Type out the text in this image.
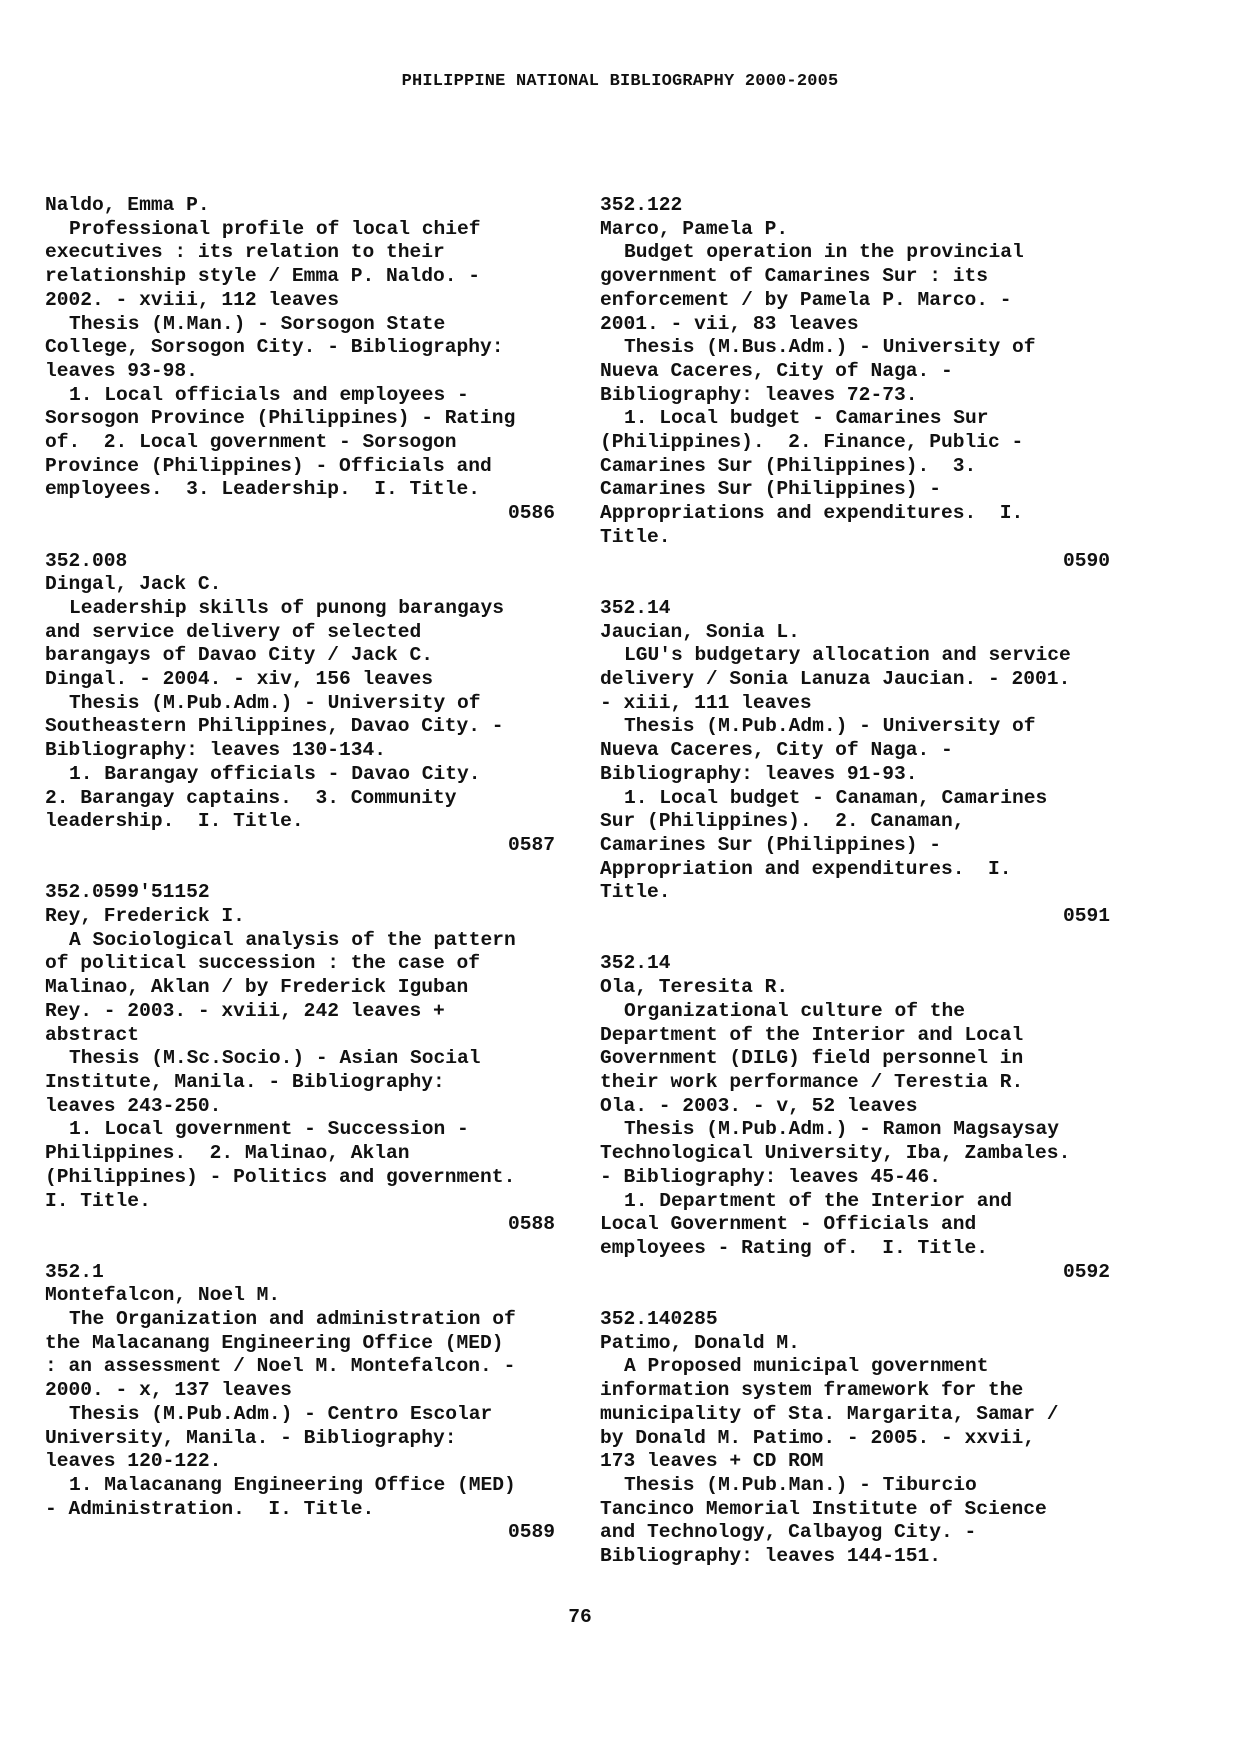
PHILIPPINE NATIONAL BIBLIOGRAPHY 2000-2005

Naldo, Emma P.

Professional profile of local chief

executives : its relation to their

relationship style / Emma P. Naldo. -

2002. - xviii, 112 leaves

Thesis (M.Man.) - Sorsogon State

College, Sorsogon City. - Bibliography:

leaves 93-98.

1. Local officials and employees -

Sorsogon Province (Philippines) - Rating

of.  2. Local government - Sorsogon

Province (Philippines) - Officials and

employees.  3. Leadership.  I. Title.

0586

352.008

Dingal, Jack C.

Leadership skills of punong barangays

and service delivery of selected

barangays of Davao City / Jack C.

Dingal. - 2004. - xiv, 156 leaves

Thesis (M.Pub.Adm.) - University of

Southeastern Philippines, Davao City. -

Bibliography: leaves 130-134.

1. Barangay officials - Davao City.

2. Barangay captains.  3. Community

leadership.  I. Title.

0587

352.0599'51152

Rey, Frederick I.

A Sociological analysis of the pattern

of political succession : the case of

Malinao, Aklan / by Frederick Iguban

Rey. - 2003. - xviii, 242 leaves +

abstract

Thesis (M.Sc.Socio.) - Asian Social

Institute, Manila. - Bibliography:

leaves 243-250.

1. Local government - Succession -

Philippines.  2. Malinao, Aklan

(Philippines) - Politics and government.

I. Title.

0588

352.1

Montefalcon, Noel M.

The Organization and administration of

the Malacanang Engineering Office (MED)

: an assessment / Noel M. Montefalcon. -

2000. - x, 137 leaves

Thesis (M.Pub.Adm.) - Centro Escolar

University, Manila. - Bibliography:

leaves 120-122.

1. Malacanang Engineering Office (MED)

- Administration.  I. Title.

0589

352.122

Marco, Pamela P.

Budget operation in the provincial

government of Camarines Sur : its

enforcement / by Pamela P. Marco. -

2001. - vii, 83 leaves

Thesis (M.Bus.Adm.) - University of

Nueva Caceres, City of Naga. -

Bibliography: leaves 72-73.

1. Local budget - Camarines Sur

(Philippines).  2. Finance, Public -

Camarines Sur (Philippines).  3.

Camarines Sur (Philippines) -

Appropriations and expenditures.  I.

Title.

0590

352.14

Jaucian, Sonia L.

LGU's budgetary allocation and service

delivery / Sonia Lanuza Jaucian. - 2001.

- xiii, 111 leaves

Thesis (M.Pub.Adm.) - University of

Nueva Caceres, City of Naga. -

Bibliography: leaves 91-93.

1. Local budget - Canaman, Camarines

Sur (Philippines).  2. Canaman,

Camarines Sur (Philippines) -

Appropriation and expenditures.  I.

Title.

0591

352.14

Ola, Teresita R.

Organizational culture of the

Department of the Interior and Local

Government (DILG) field personnel in

their work performance / Terestia R.

Ola. - 2003. - v, 52 leaves

Thesis (M.Pub.Adm.) - Ramon Magsaysay

Technological University, Iba, Zambales.

- Bibliography: leaves 45-46.

1. Department of the Interior and

Local Government - Officials and

employees - Rating of.  I. Title.

0592

352.140285

Patimo, Donald M.

A Proposed municipal government

information system framework for the

municipality of Sta. Margarita, Samar /

by Donald M. Patimo. - 2005. - xxvii,

173 leaves + CD ROM

Thesis (M.Pub.Man.) - Tiburcio

Tancinco Memorial Institute of Science

and Technology, Calbayog City. -

Bibliography: leaves 144-151.

76
